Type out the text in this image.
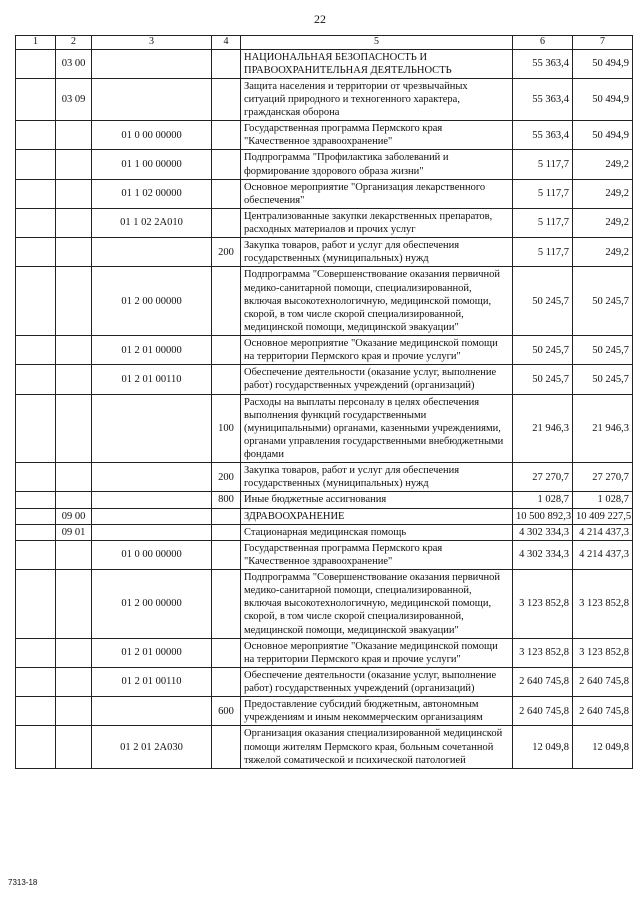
22
1	2	3	4	5	6	7
	03 00			НАЦИОНАЛЬНАЯ БЕЗОПАСНОСТЬ И ПРАВООХРАНИТЕЛЬНАЯ ДЕЯТЕЛЬНОСТЬ	55 363,4	50 494,9
	03 09			Защита населения и территории от чрезвычайных ситуаций природного и техногенного характера, гражданская оборона	55 363,4	50 494,9
		01 0 00 00000		Государственная программа Пермского края "Качественное здравоохранение"	55 363,4	50 494,9
		01 1 00 00000		Подпрограмма "Профилактика заболеваний и формирование здорового образа жизни"	5 117,7	249,2
		01 1 02 00000		Основное мероприятие "Организация лекарственного обеспечения"	5 117,7	249,2
		01 1 02 2А010		Централизованные закупки лекарственных препаратов, расходных материалов и прочих услуг	5 117,7	249,2
			200	Закупка товаров, работ и услуг для обеспечения государственных (муниципальных) нужд	5 117,7	249,2
		01 2 00 00000		Подпрограмма "Совершенствование оказания первичной медико-санитарной помощи, специализированной, включая высокотехнологичную, медицинской помощи, скорой, в том числе скорой специализированной, медицинской помощи, медицинской эвакуации"	50 245,7	50 245,7
		01 2 01 00000		Основное мероприятие "Оказание медицинской помощи на территории Пермского края и прочие услуги"	50 245,7	50 245,7
		01 2 01 00110		Обеспечение деятельности (оказание услуг, выполнение работ) государственных учреждений (организаций)	50 245,7	50 245,7
			100	Расходы на выплаты персоналу в целях обеспечения выполнения функций государственными (муниципальными) органами, казенными учреждениями, органами управления государственными внебюджетными фондами	21 946,3	21 946,3
			200	Закупка товаров, работ и услуг для обеспечения государственных (муниципальных) нужд	27 270,7	27 270,7
			800	Иные бюджетные ассигнования	1 028,7	1 028,7
	09 00			ЗДРАВООХРАНЕНИЕ	10 500 892,3	10 409 227,5
	09 01			Стационарная медицинская помощь	4 302 334,3	4 214 437,3
		01 0 00 00000		Государственная программа Пермского края "Качественное здравоохранение"	4 302 334,3	4 214 437,3
		01 2 00 00000		Подпрограмма "Совершенствование оказания первичной медико-санитарной помощи, специализированной, включая высокотехнологичную, медицинской помощи, скорой, в том числе скорой специализированной, медицинской помощи, медицинской эвакуации"	3 123 852,8	3 123 852,8
		01 2 01 00000		Основное мероприятие "Оказание медицинской помощи на территории Пермского края и прочие услуги"	3 123 852,8	3 123 852,8
		01 2 01 00110		Обеспечение деятельности (оказание услуг, выполнение работ) государственных учреждений (организаций)	2 640 745,8	2 640 745,8
			600	Предоставление субсидий бюджетным, автономным учреждениям и иным некоммерческим организациям	2 640 745,8	2 640 745,8
		01 2 01 2А030		Организация оказания специализированной медицинской помощи жителям Пермского края, больным сочетанной тяжелой соматической и психической патологией	12 049,8	12 049,8
7313-18
